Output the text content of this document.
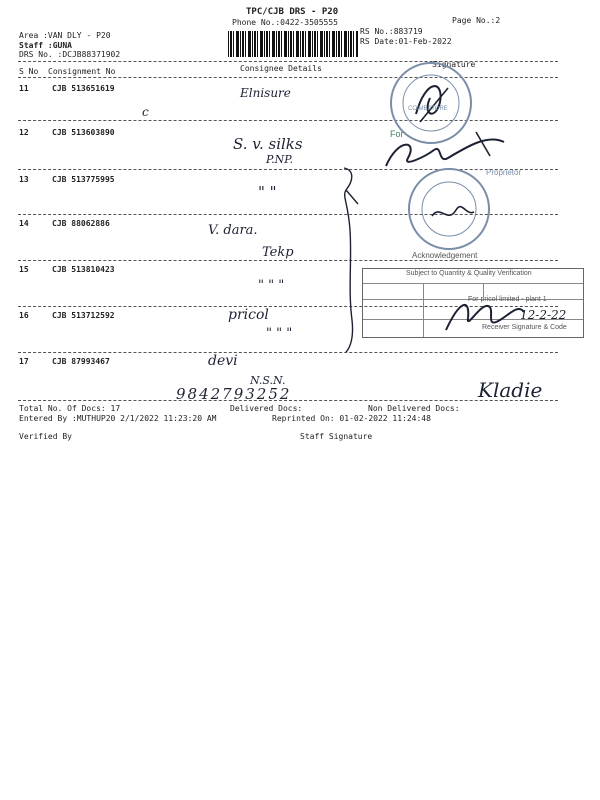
TPC/CJB DRS - P20
Phone No.:0422-3505555	Page No.:2
Area :VAN DLY - P20
Staff :GUNA
DRS No. :DCJB88371902
RS No.:883719
RS Date:01-Feb-2022
S No Consignment No	Consignee Details	Signature
11	CJB 513651619	Elnisure
c
12	CJB 513603890
S. v. silks
P.NP.
13	CJB 513775995
" "
14	CJB 88062886	V. dara.
Tekp
15	CJB 513810423
" " "
16	CJB 513712592	pricol
" " "
17	CJB 87993467	devi
N.S.N.
9842793252	Kladie
COIMBATORE
For
Proprietor
Acknowledgement
Subject to Quantity & Quality Verification
For pricol limited - plant 1
Receiver Signature & Code
12-2-22
Total No. Of Docs: 17	Delivered Docs:	Non Delivered Docs:
Entered By :MUTHUP20 2/1/2022 11:23:20 AM	Reprinted On: 01-02-2022 11:24:48
Verified By	Staff Signature
